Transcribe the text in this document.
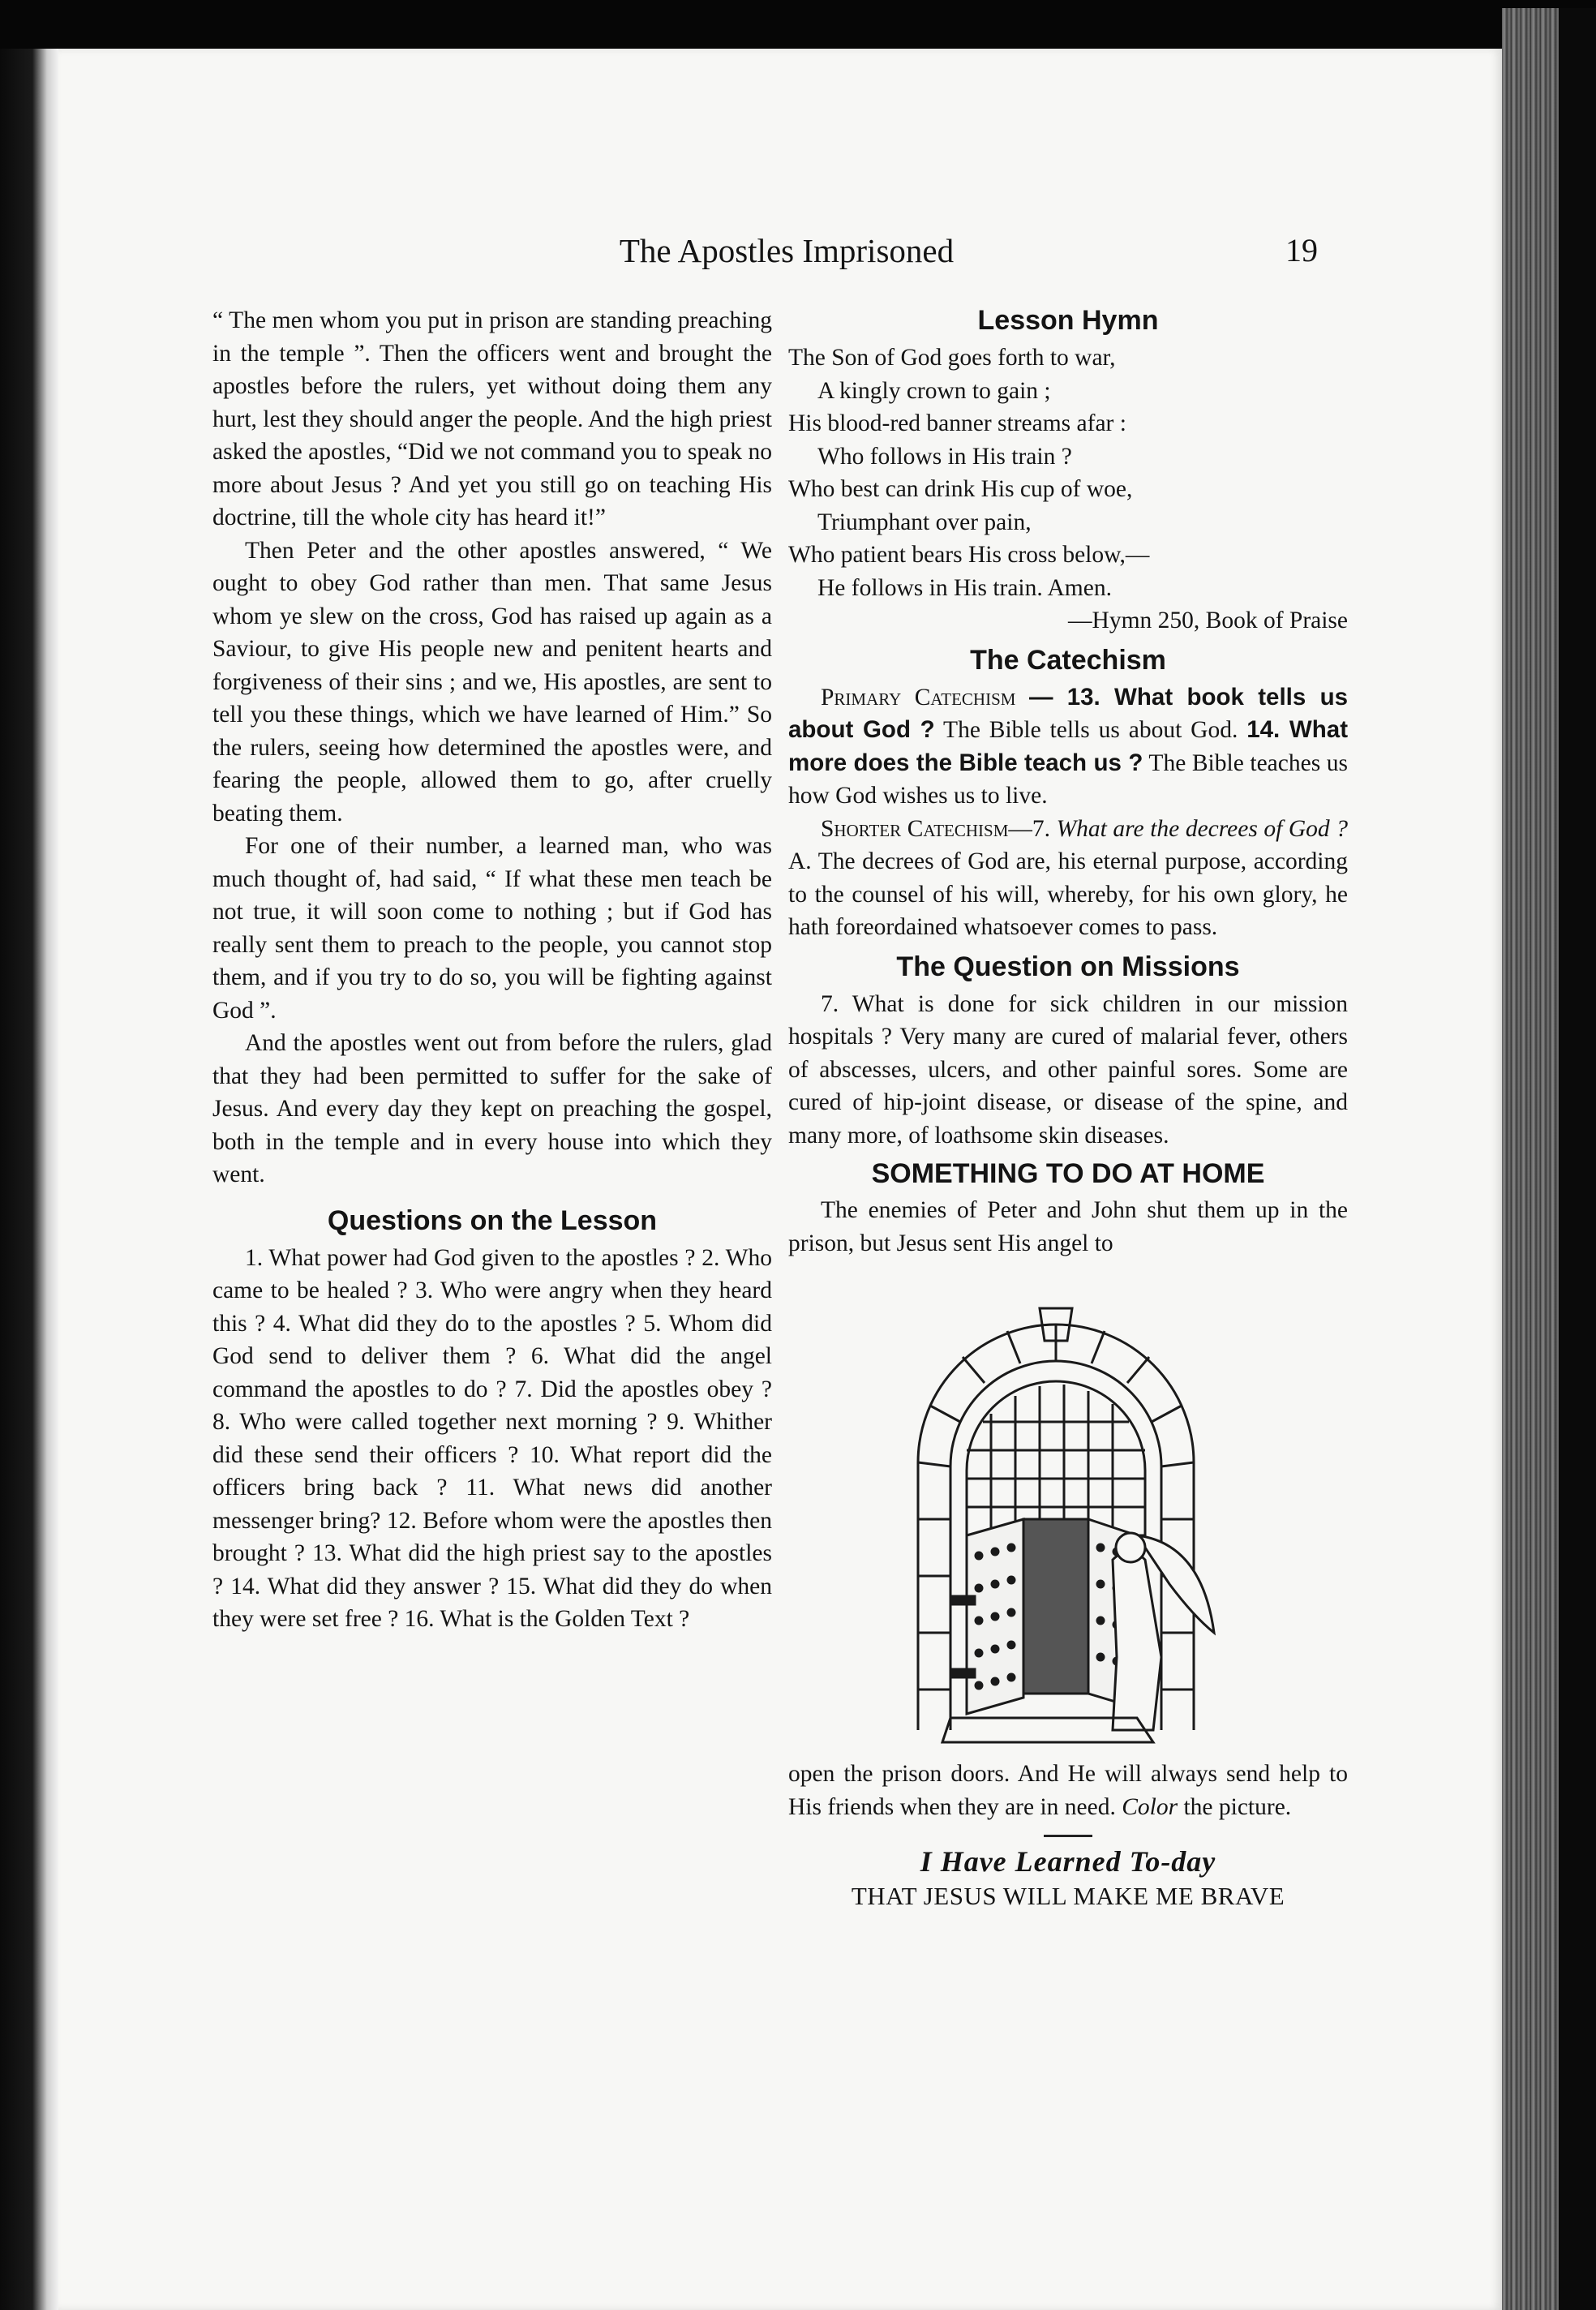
The Apostles Imprisoned	19

“ The men whom you put in prison are standing preaching in the temple ”. Then the officers went and brought the apostles before the rulers, yet without doing them any hurt, lest they should anger the people. And the high priest asked the apostles, “Did we not command you to speak no more about Jesus ? And yet you still go on teaching His doctrine, till the whole city has heard it!”

Then Peter and the other apostles answered, “ We ought to obey God rather than men. That same Jesus whom ye slew on the cross, God has raised up again as a Saviour, to give His people new and penitent hearts and forgiveness of their sins ; and we, His apostles, are sent to tell you these things, which we have learned of Him.” So the rulers, seeing how determined the apostles were, and fearing the people, allowed them to go, after cruelly beating them.

For one of their number, a learned man, who was much thought of, had said, “ If what these men teach be not true, it will soon come to nothing ; but if God has really sent them to preach to the people, you cannot stop them, and if you try to do so, you will be fighting against God ”.

And the apostles went out from before the rulers, glad that they had been permitted to suffer for the sake of Jesus. And every day they kept on preaching the gospel, both in the temple and in every house into which they went.

Questions on the Lesson

1. What power had God given to the apostles ? 2. Who came to be healed ? 3. Who were angry when they heard this ? 4. What did they do to the apostles ? 5. Whom did God send to deliver them ? 6. What did the angel command the apostles to do ? 7. Did the apostles obey ? 8. Who were called together next morning ? 9. Whither did these send their officers ? 10. What report did the officers bring back ? 11. What news did another messenger bring? 12. Before whom were the apostles then brought ? 13. What did the high priest say to the apostles ? 14. What did they answer ? 15. What did they do when they were set free ? 16. What is the Golden Text ?

Lesson Hymn
The Son of God goes forth to war,
A kingly crown to gain ;
His blood-red banner streams afar :
Who follows in His train ?
Who best can drink His cup of woe,
Triumphant over pain,
Who patient bears His cross below,—
He follows in His train. Amen.

—Hymn 250, Book of Praise

The Catechism

Primary Catechism — 13. What book tells us about God ? The Bible tells us about God. 14. What more does the Bible teach us ? The Bible teaches us how God wishes us to live.

Shorter Catechism—7. What are the decrees of God ? A. The decrees of God are, his eternal purpose, according to the counsel of his will, whereby, for his own glory, he hath foreordained whatsoever comes to pass.

The Question on Missions

7. What is done for sick children in our mission hospitals ? Very many are cured of malarial fever, others of abscesses, ulcers, and other painful sores. Some are cured of hip-joint disease, or disease of the spine, and many more, of loathsome skin diseases.

SOMETHING TO DO AT HOME

The enemies of Peter and John shut them up in the prison, but Jesus sent His angel to

open the prison doors. And He will always send help to His friends when they are in need. Color the picture.

I Have Learned To-day
THAT JESUS WILL MAKE ME BRAVE
